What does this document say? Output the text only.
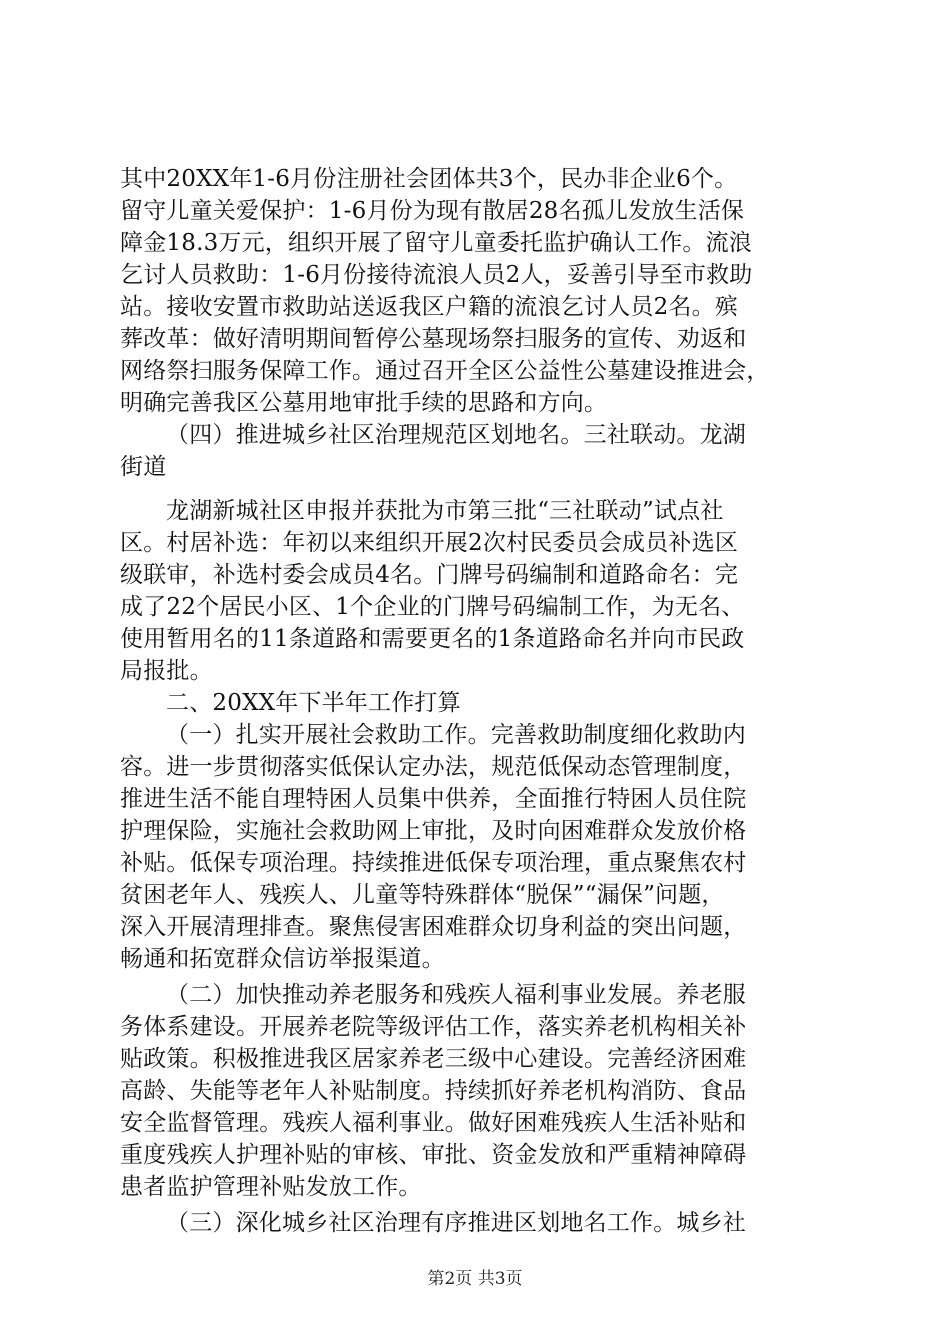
其中20XX年1-6月份注册社会团体共3个，民办非企业6个。
留守儿童关爱保护：1-6月份为现有散居28名孤儿发放生活保
障金18.3万元，组织开展了留守儿童委托监护确认工作。流浪
乞讨人员救助：1-6月份接待流浪人员2人，妥善引导至市救助
站。接收安置市救助站送返我区户籍的流浪乞讨人员2名。殡
葬改革：做好清明期间暂停公墓现场祭扫服务的宣传、劝返和
网络祭扫服务保障工作。通过召开全区公益性公墓建设推进会，
明确完善我区公墓用地审批手续的思路和方向。
（四）推进城乡社区治理规范区划地名。三社联动。龙湖
街道
龙湖新城社区申报并获批为市第三批“三社联动”试点社
区。村居补选：年初以来组织开展2次村民委员会成员补选区
级联审，补选村委会成员4名。门牌号码编制和道路命名：完
成了22个居民小区、1个企业的门牌号码编制工作，为无名、
使用暂用名的11条道路和需要更名的1条道路命名并向市民政
局报批。
二、20XX年下半年工作打算
（一）扎实开展社会救助工作。完善救助制度细化救助内
容。进一步贯彻落实低保认定办法，规范低保动态管理制度，
推进生活不能自理特困人员集中供养，全面推行特困人员住院
护理保险，实施社会救助网上审批，及时向困难群众发放价格
补贴。低保专项治理。持续推进低保专项治理，重点聚焦农村
贫困老年人、残疾人、儿童等特殊群体“脱保”“漏保”问题，
深入开展清理排查。聚焦侵害困难群众切身利益的突出问题，
畅通和拓宽群众信访举报渠道。
（二）加快推动养老服务和残疾人福利事业发展。养老服
务体系建设。开展养老院等级评估工作，落实养老机构相关补
贴政策。积极推进我区居家养老三级中心建设。完善经济困难
高龄、失能等老年人补贴制度。持续抓好养老机构消防、食品
安全监督管理。残疾人福利事业。做好困难残疾人生活补贴和
重度残疾人护理补贴的审核、审批、资金发放和严重精神障碍
患者监护管理补贴发放工作。
（三）深化城乡社区治理有序推进区划地名工作。城乡社
第2页 共3页
